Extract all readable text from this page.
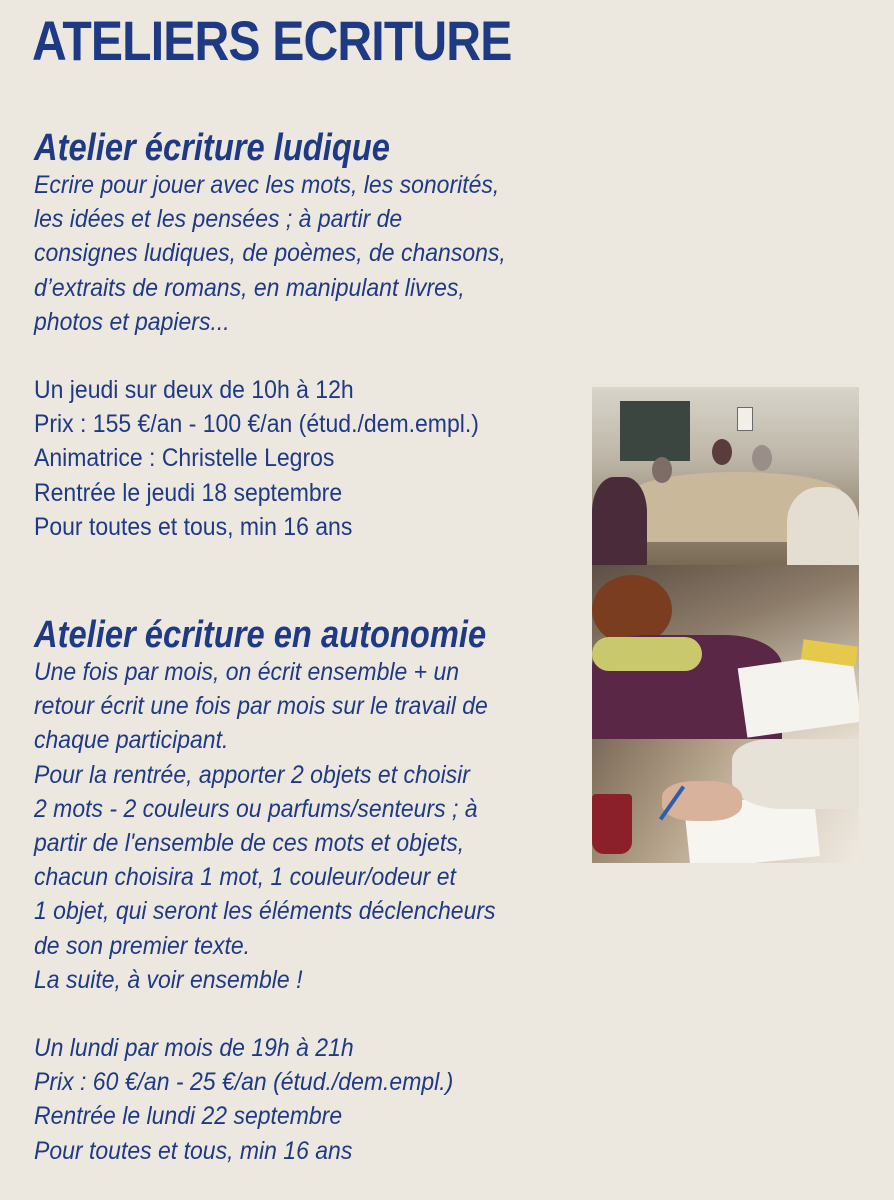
ATELIERS ECRITURE
Atelier écriture ludique
Ecrire pour jouer avec les mots, les sonorités,
les idées et les pensées ; à partir de
consignes ludiques, de poèmes, de chansons,
d’extraits de romans, en manipulant livres,
photos et papiers...
Un jeudi sur deux de 10h à 12h
Prix : 155 €/an - 100 €/an (étud./dem.empl.)
Animatrice : Christelle Legros
Rentrée le jeudi 18 septembre
Pour toutes et tous, min 16 ans
Atelier écriture en autonomie
Une fois par mois, on écrit ensemble + un
retour écrit une fois par mois sur le travail de
chaque participant.
Pour la rentrée, apporter 2 objets et choisir
2 mots - 2 couleurs ou parfums/senteurs ; à
partir de l'ensemble de ces mots et objets,
chacun choisira 1 mot, 1 couleur/odeur et
1 objet, qui seront les éléments déclencheurs
de son premier texte.
La suite, à voir ensemble !
Un lundi par mois de 19h à 21h
Prix : 60 €/an - 25 €/an (étud./dem.empl.)
Rentrée le lundi 22 septembre
Pour toutes et tous, min 16 ans
